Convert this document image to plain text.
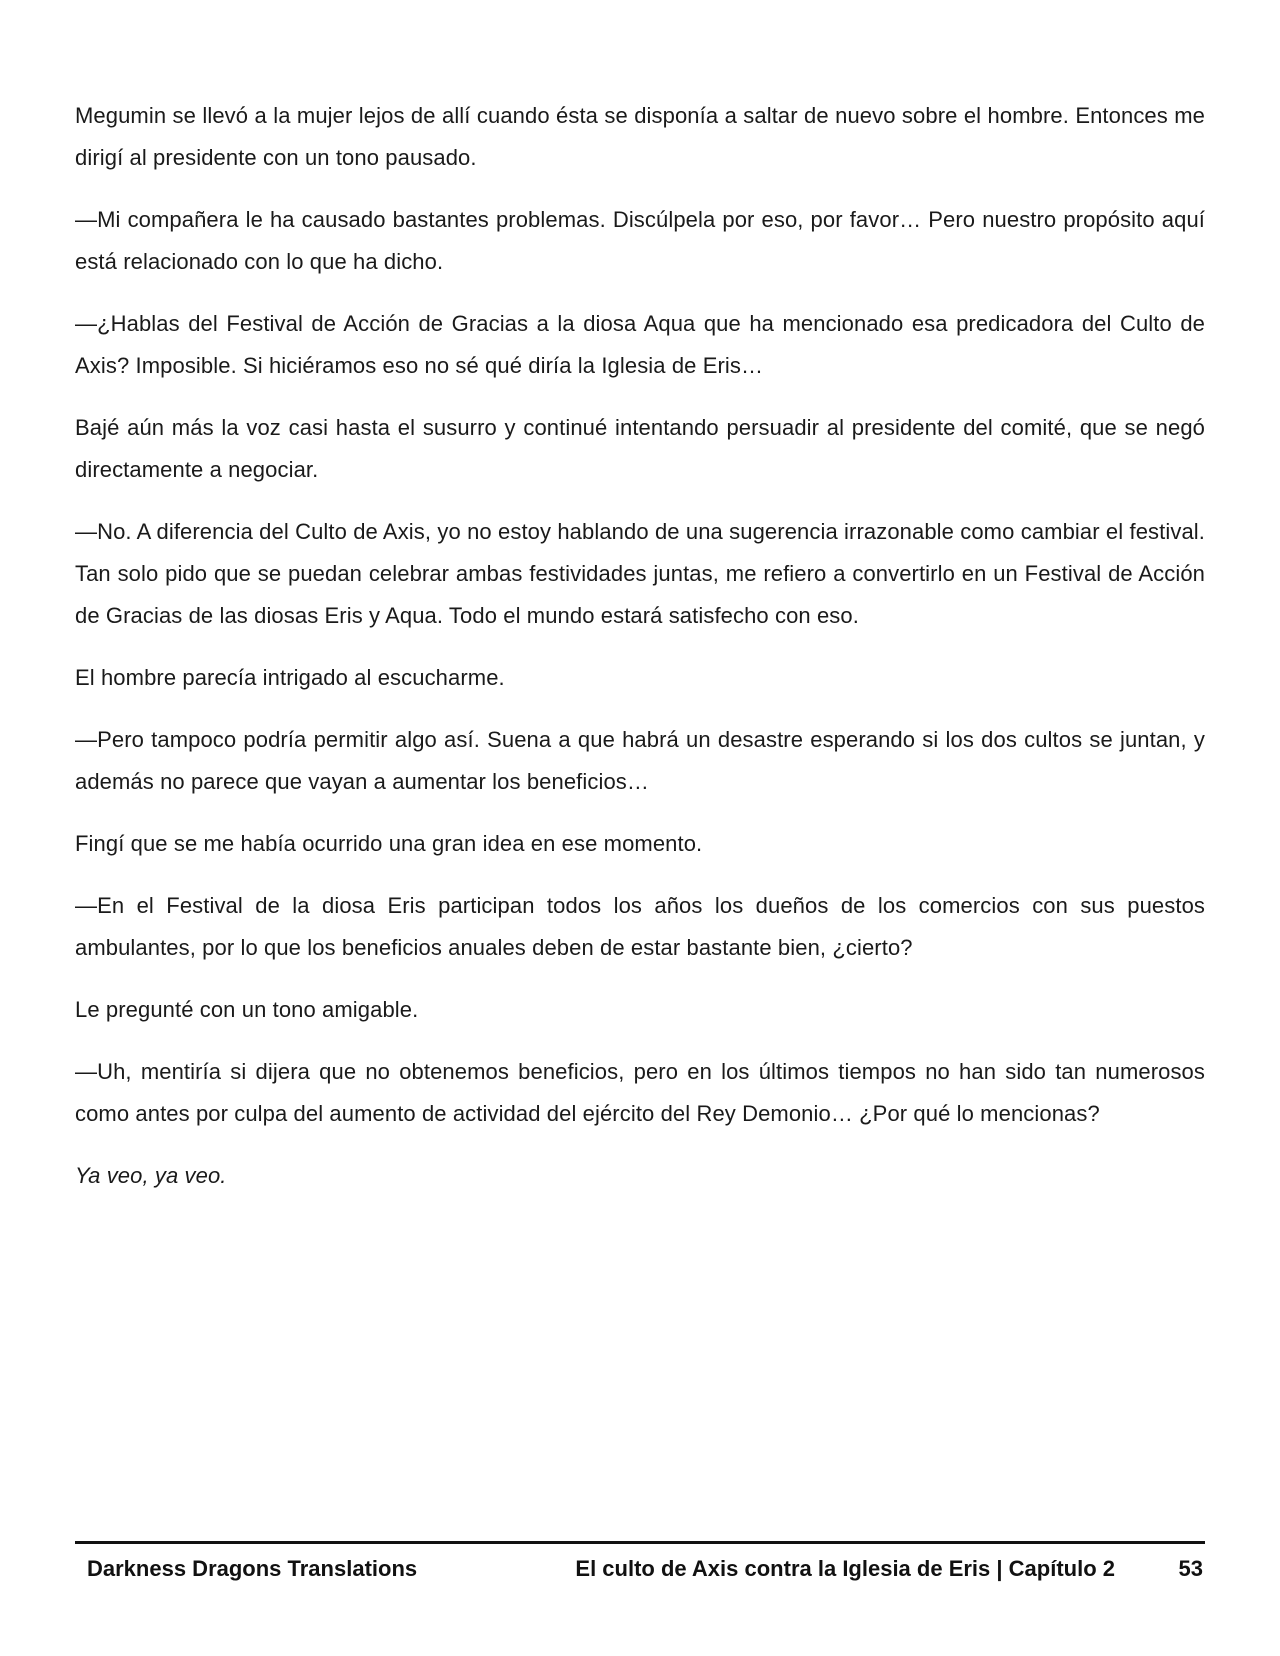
Megumin se llevó a la mujer lejos de allí cuando ésta se disponía a saltar de nuevo sobre el hombre. Entonces me dirigí al presidente con un tono pausado.

—Mi compañera le ha causado bastantes problemas. Discúlpela por eso, por favor… Pero nuestro propósito aquí está relacionado con lo que ha dicho.

—¿Hablas del Festival de Acción de Gracias a la diosa Aqua que ha mencionado esa predicadora del Culto de Axis? Imposible. Si hiciéramos eso no sé qué diría la Iglesia de Eris…

Bajé aún más la voz casi hasta el susurro y continué intentando persuadir al presidente del comité, que se negó directamente a negociar.

—No. A diferencia del Culto de Axis, yo no estoy hablando de una sugerencia irrazonable como cambiar el festival. Tan solo pido que se puedan celebrar ambas festividades juntas, me refiero a convertirlo en un Festival de Acción de Gracias de las diosas Eris y Aqua. Todo el mundo estará satisfecho con eso.

El hombre parecía intrigado al escucharme.

—Pero tampoco podría permitir algo así. Suena a que habrá un desastre esperando si los dos cultos se juntan, y además no parece que vayan a aumentar los beneficios…

Fingí que se me había ocurrido una gran idea en ese momento.

—En el Festival de la diosa Eris participan todos los años los dueños de los comercios con sus puestos ambulantes, por lo que los beneficios anuales deben de estar bastante bien, ¿cierto?

Le pregunté con un tono amigable.

—Uh, mentiría si dijera que no obtenemos beneficios, pero en los últimos tiempos no han sido tan numerosos como antes por culpa del aumento de actividad del ejército del Rey Demonio… ¿Por qué lo mencionas?

Ya veo, ya veo.

Darkness Dragons Translations	El culto de Axis contra la Iglesia de Eris | Capítulo 2	53
